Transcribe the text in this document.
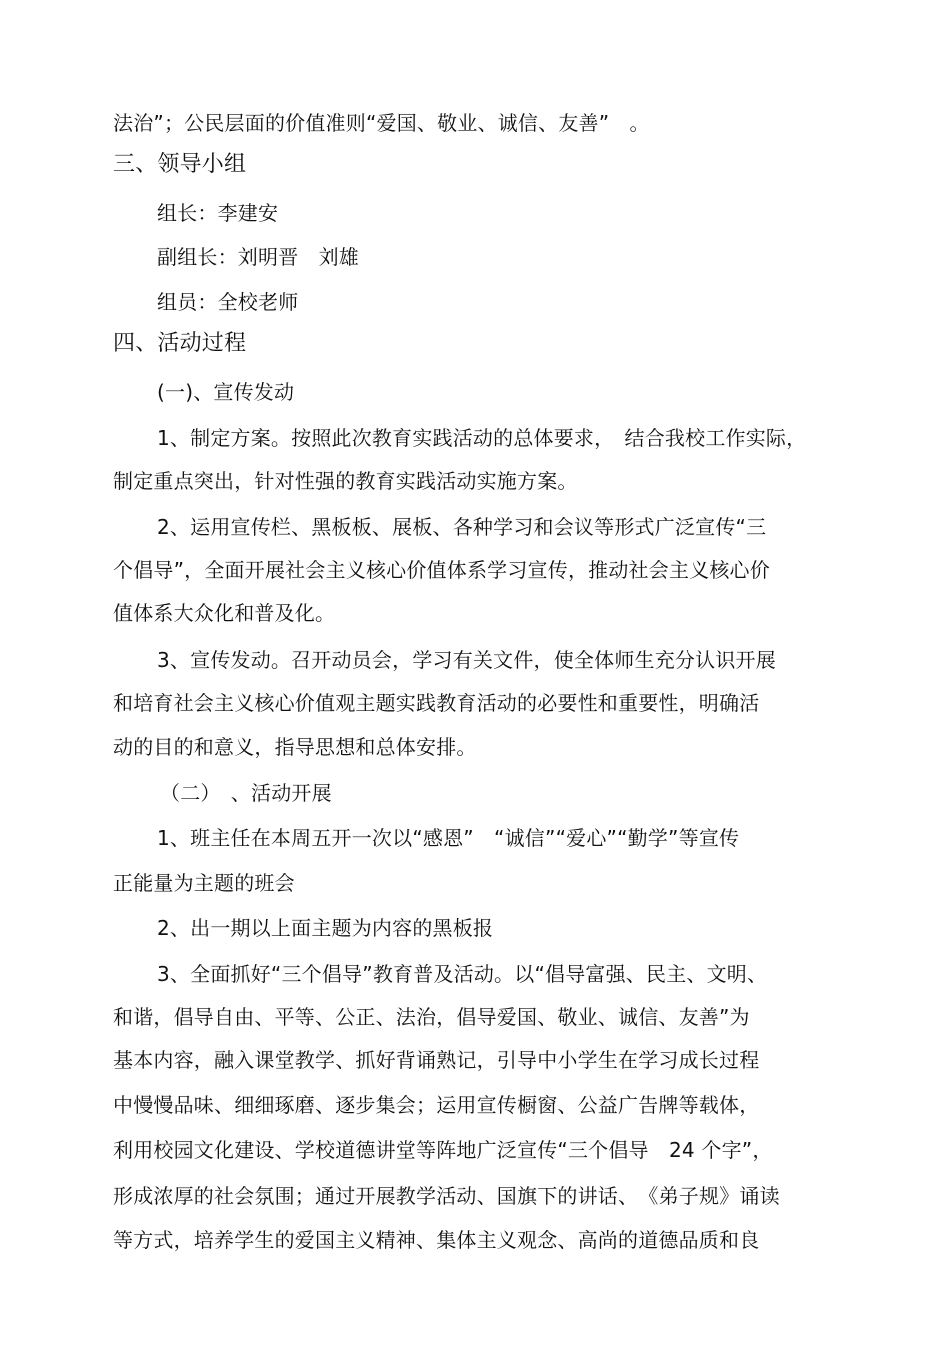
法治”；公民层面的价值准则“爱国、敬业、诚信、友善”　。
三、领导小组
组长：李建安
副组长：刘明晋　刘雄
组员：全校老师
四、活动过程
(一)、宣传发动
1、制定方案。按照此次教育实践活动的总体要求，　结合我校工作实际，
制定重点突出，针对性强的教育实践活动实施方案。
2、运用宣传栏、黑板板、展板、各种学习和会议等形式广泛宣传“三
个倡导”，全面开展社会主义核心价值体系学习宣传，推动社会主义核心价
值体系大众化和普及化。
3、宣传发动。召开动员会，学习有关文件，使全体师生充分认识开展
和培育社会主义核心价值观主题实践教育活动的必要性和重要性，明确活
动的目的和意义，指导思想和总体安排。
（二）　、活动开展
1、班主任在本周五开一次以“感恩”　“诚信”“爱心”“勤学”等宣传
正能量为主题的班会
2、出一期以上面主题为内容的黑板报
3、全面抓好“三个倡导”教育普及活动。以“倡导富强、民主、文明、
和谐，倡导自由、平等、公正、法治，倡导爱国、敬业、诚信、友善”为
基本内容，融入课堂教学、抓好背诵熟记，引导中小学生在学习成长过程
中慢慢品味、细细琢磨、逐步集会；运用宣传橱窗、公益广告牌等载体，
利用校园文化建设、学校道德讲堂等阵地广泛宣传“三个倡导　24 个字”，
形成浓厚的社会氛围；通过开展教学活动、国旗下的讲话、　《弟子规》诵读
等方式，培养学生的爱国主义精神、集体主义观念、高尚的道德品质和良
